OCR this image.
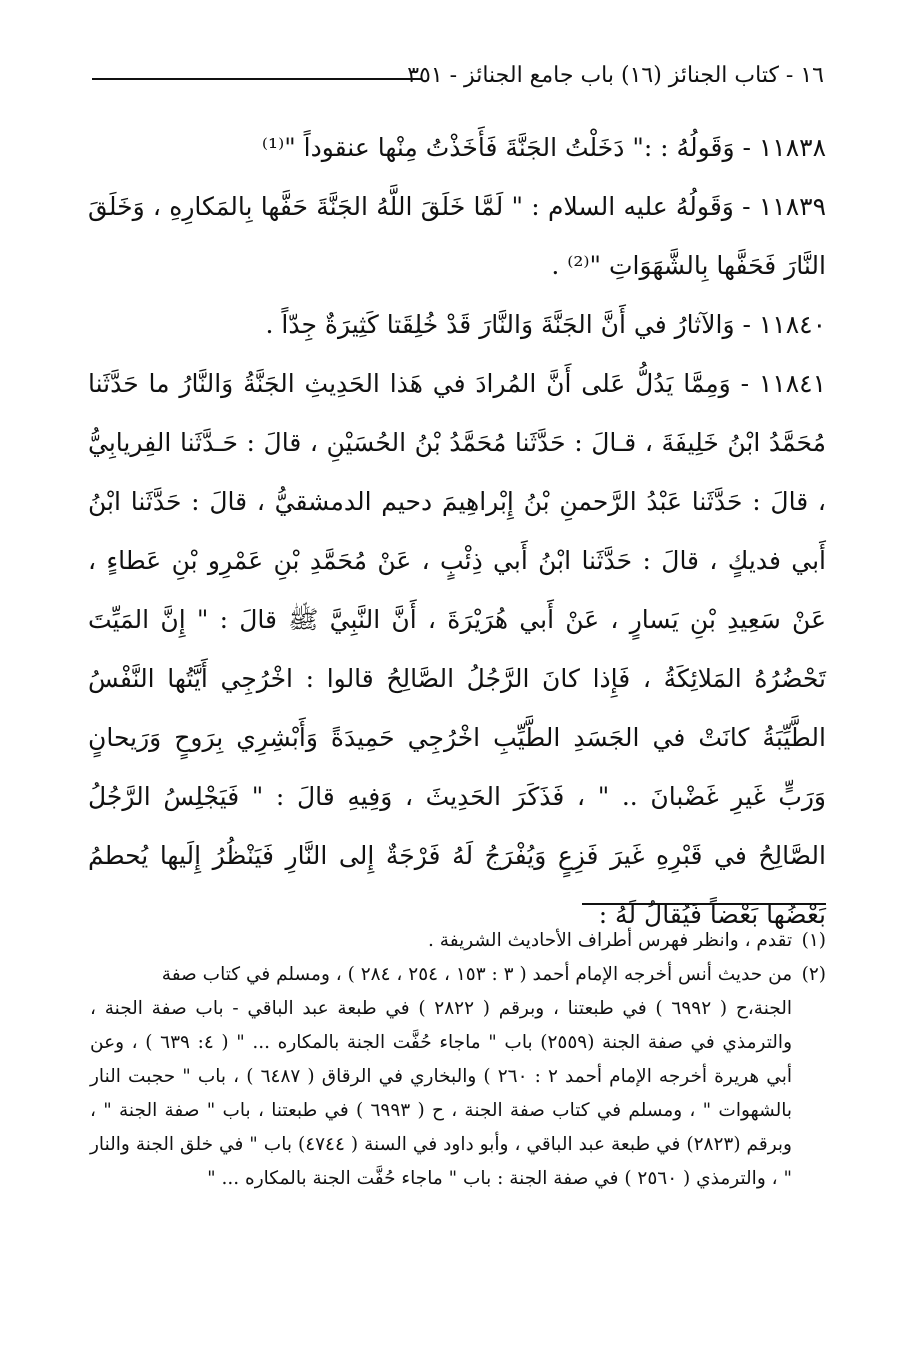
١٦ - كتاب الجنائز (١٦) باب جامع الجنائز - ٣٥١

١١٨٣٨ - وَقَولُهُ : :" دَخَلْتُ الجَنَّةَ فَأَخَذْتُ مِنْها عنقوداً "⁽¹⁾

١١٨٣٩ - وَقَولُهُ عليه السلام : " لَمَّا خَلَقَ اللَّهُ الجَنَّةَ حَفَّها بِالمَكارِهِ ، وَخَلَقَ النَّارَ فَحَفَّها بِالشَّهَوَاتِ "⁽²⁾ .

١١٨٤٠ - وَالآثارُ في أَنَّ الجَنَّةَ وَالنَّارَ قَدْ خُلِقَتا كَثِيرَةٌ جِدّاً .

١١٨٤١ - وَمِمَّا يَدُلُّ عَلى أَنَّ المُرادَ في هَذا الحَدِيثِ الجَنَّةُ وَالنَّارُ ما حَدَّثَنا مُحَمَّدُ ابْنُ خَلِيفَةَ ، قـالَ : حَدَّثَنا مُحَمَّدُ بْنُ الحُسَيْنِ ، قالَ : حَـدَّثَنا الفِريابِيُّ ، قالَ : حَدَّثَنا عَبْدُ الرَّحمنِ بْنُ إِبْراهِيمَ دحيم الدمشقيُّ ، قالَ : حَدَّثَنا ابْنُ أَبي فديكٍ ، قالَ : حَدَّثَنا ابْنُ أَبي ذِئْبٍ ، عَنْ مُحَمَّدِ بْنِ عَمْرِو بْنِ عَطاءٍ ، عَنْ سَعِيدِ بْنِ يَسارٍ ، عَنْ أَبي هُرَيْرَةَ ، أَنَّ النَّبِيَّ ﷺ قالَ : " إِنَّ المَيِّتَ تَحْضُرُهُ المَلائِكَةُ ، فَإِذا كانَ الرَّجُلُ الصَّالِحُ قالوا : اخْرُجِي أَيَّتُها النَّفْسُ الطَّيِّبَةُ كانَتْ في الجَسَدِ الطَّيِّبِ اخْرُجِي حَمِيدَةً وَأَبْشِرِي بِرَوحٍ وَرَيحانٍ وَرَبٍّ غَيرِ غَضْبانَ .. " ، فَذَكَرَ الحَدِيثَ ، وَفِيهِ قالَ : " فَيَجْلِسُ الرَّجُلُ الصَّالِحُ في قَبْرِهِ غَيرَ فَزِعٍ وَيُفْرَجُ لَهُ فَرْجَةٌ إِلى النَّارِ فَيَنْظُرُ إِلَيها يُحطمُ بَعْضُها بَعْضاً فَيُقالُ لَهُ :

(١) تقدم ، وانظر فهرس أطراف الأحاديث الشريفة .

(٢) من حديث أنس أخرجه الإمام أحمد ( ٣ : ١٥٣ ، ٢٥٤ ، ٢٨٤ ) ، ومسلم في كتاب صفة

الجنة،ح ( ٦٩٩٢ ) في طبعتنا ، وبرقم ( ٢٨٢٢ ) في طبعة عبد الباقي - باب صفة الجنة ، والترمذي في صفة الجنة (٢٥٥٩) باب " ماجاء حُفَّت الجنة بالمكاره ... " ( ٤: ٦٣٩ ) ، وعن أبي هريرة أخرجه الإمام أحمد ٢ : ٢٦٠ ) والبخاري في الرقاق ( ٦٤٨٧ ) ، باب " حجبت النار بالشهوات " ، ومسلم في كتاب صفة الجنة ، ح ( ٦٩٩٣ ) في طبعتنا ، باب " صفة الجنة " ، وبرقم (٢٨٢٣) في طبعة عبد الباقي ، وأبو داود في السنة ( ٤٧٤٤) باب " في خلق الجنة والنار " ، والترمذي ( ٢٥٦٠ ) في صفة الجنة : باب " ماجاء حُفَّت الجنة بالمكاره ... "
